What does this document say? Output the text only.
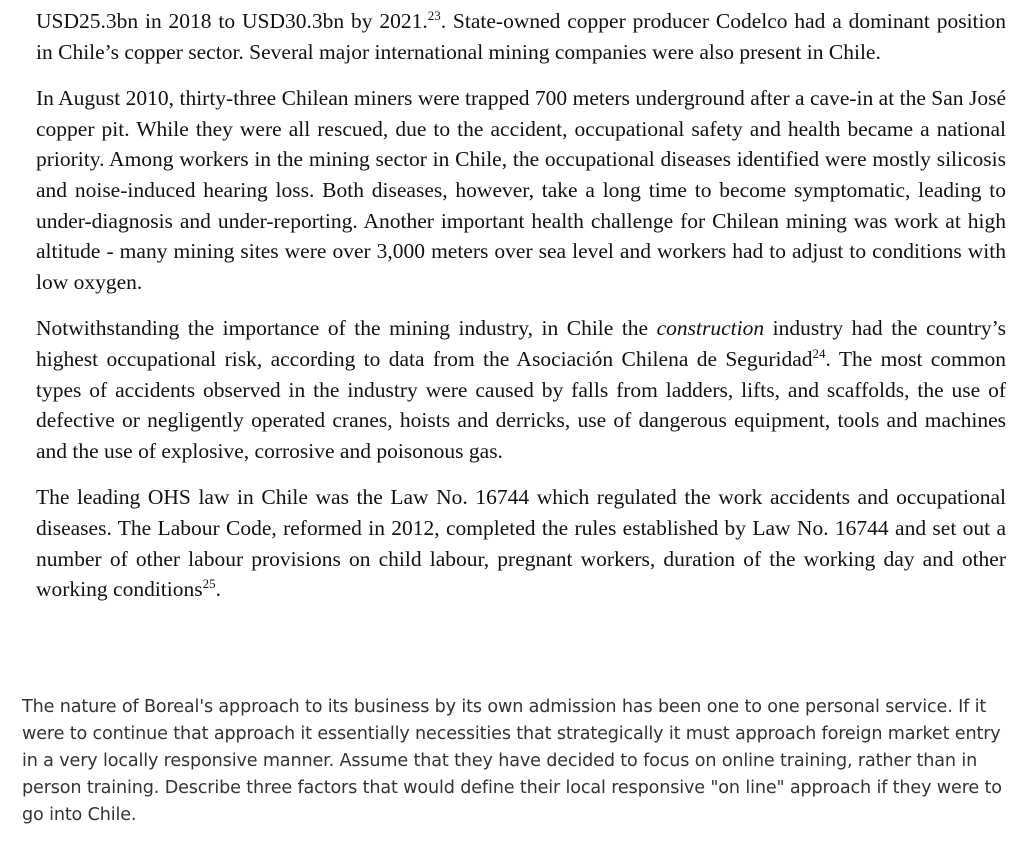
USD25.3bn in 2018 to USD30.3bn by 2021.23. State-owned copper producer Codelco had a dominant position in Chile’s copper sector. Several major international mining companies were also present in Chile.

In August 2010, thirty-three Chilean miners were trapped 700 meters underground after a cave-in at the San José copper pit. While they were all rescued, due to the accident, occupational safety and health became a national priority. Among workers in the mining sector in Chile, the occupational diseases identified were mostly silicosis and noise-induced hearing loss. Both diseases, however, take a long time to become symptomatic, leading to under-diagnosis and under-reporting. Another important health challenge for Chilean mining was work at high altitude - many mining sites were over 3,000 meters over sea level and workers had to adjust to conditions with low oxygen.

Notwithstanding the importance of the mining industry, in Chile the construction industry had the country’s highest occupational risk, according to data from the Asociación Chilena de Seguridad$^{24}$. The most common types of accidents observed in the industry were caused by falls from ladders, lifts, and scaffolds, the use of defective or negligently operated cranes, hoists and derricks, use of dangerous equipment, tools and machines and the use of explosive, corrosive and poisonous gas.

The leading OHS law in Chile was the Law No. 16744 which regulated the work accidents and occupational diseases. The Labour Code, reformed in 2012, completed the rules established by Law No. 16744 and set out a number of other labour provisions on child labour, pregnant workers, duration of the working day and other working conditions$^{25}$.

The nature of Boreal's approach to its business by its own admission has been one to one personal service. If it were to continue that approach it essentially necessities that strategically it must approach foreign market entry in a very locally responsive manner. Assume that they have decided to focus on online training, rather than in person training. Describe three factors that would define their local responsive "on line" approach if they were to go into Chile.
